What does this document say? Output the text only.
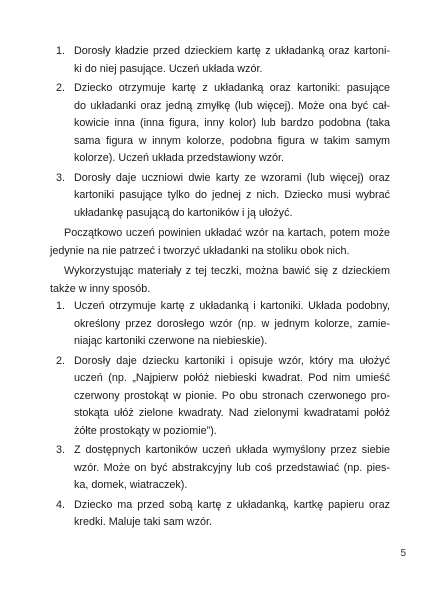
1. Dorosły kładzie przed dzieckiem kartę z układanką oraz kartoni-
ki do niej pasujące. Uczeń układa wzór.
2. Dziecko otrzymuje kartę z układanką oraz kartoniki: pasujące
do układanki oraz jedną zmyłkę (lub więcej). Może ona być cał-
kowicie inna (inna figura, inny kolor) lub bardzo podobna (taka
sama figura w innym kolorze, podobna figura w takim samym
kolorze). Uczeń układa przedstawiony wzór.
3. Dorosły daje uczniowi dwie karty ze wzorami (lub więcej) oraz
kartoniki pasujące tylko do jednej z nich. Dziecko musi wybrać
układankę pasującą do kartoników i ją ułożyć.

Początkowo uczeń powinien układać wzór na kartach, potem może
jedynie na nie patrzeć i tworzyć układanki na stoliku obok nich.

Wykorzystując materiały z tej teczki, można bawić się z dzieckiem
także w inny sposób.

1. Uczeń otrzymuje kartę z układanką i kartoniki. Układa podobny,
określony przez dorosłego wzór (np. w jednym kolorze, zamie-
niając kartoniki czerwone na niebieskie).
2. Dorosły daje dziecku kartoniki i opisuje wzór, który ma ułożyć
uczeń (np. „Najpierw połóż niebieski kwadrat. Pod nim umieść
czerwony prostokąt w pionie. Po obu stronach czerwonego pro-
stokąta ułóż zielone kwadraty. Nad zielonymi kwadratami połóż
żółte prostokąty w poziomie”).
3. Z dostępnych kartoników uczeń układa wymyślony przez siebie
wzór. Może on być abstrakcyjny lub coś przedstawiać (np. pies-
ka, domek, wiatraczek).
4. Dziecko ma przed sobą kartę z układanką, kartkę papieru oraz
kredki. Maluje taki sam wzór.
5
